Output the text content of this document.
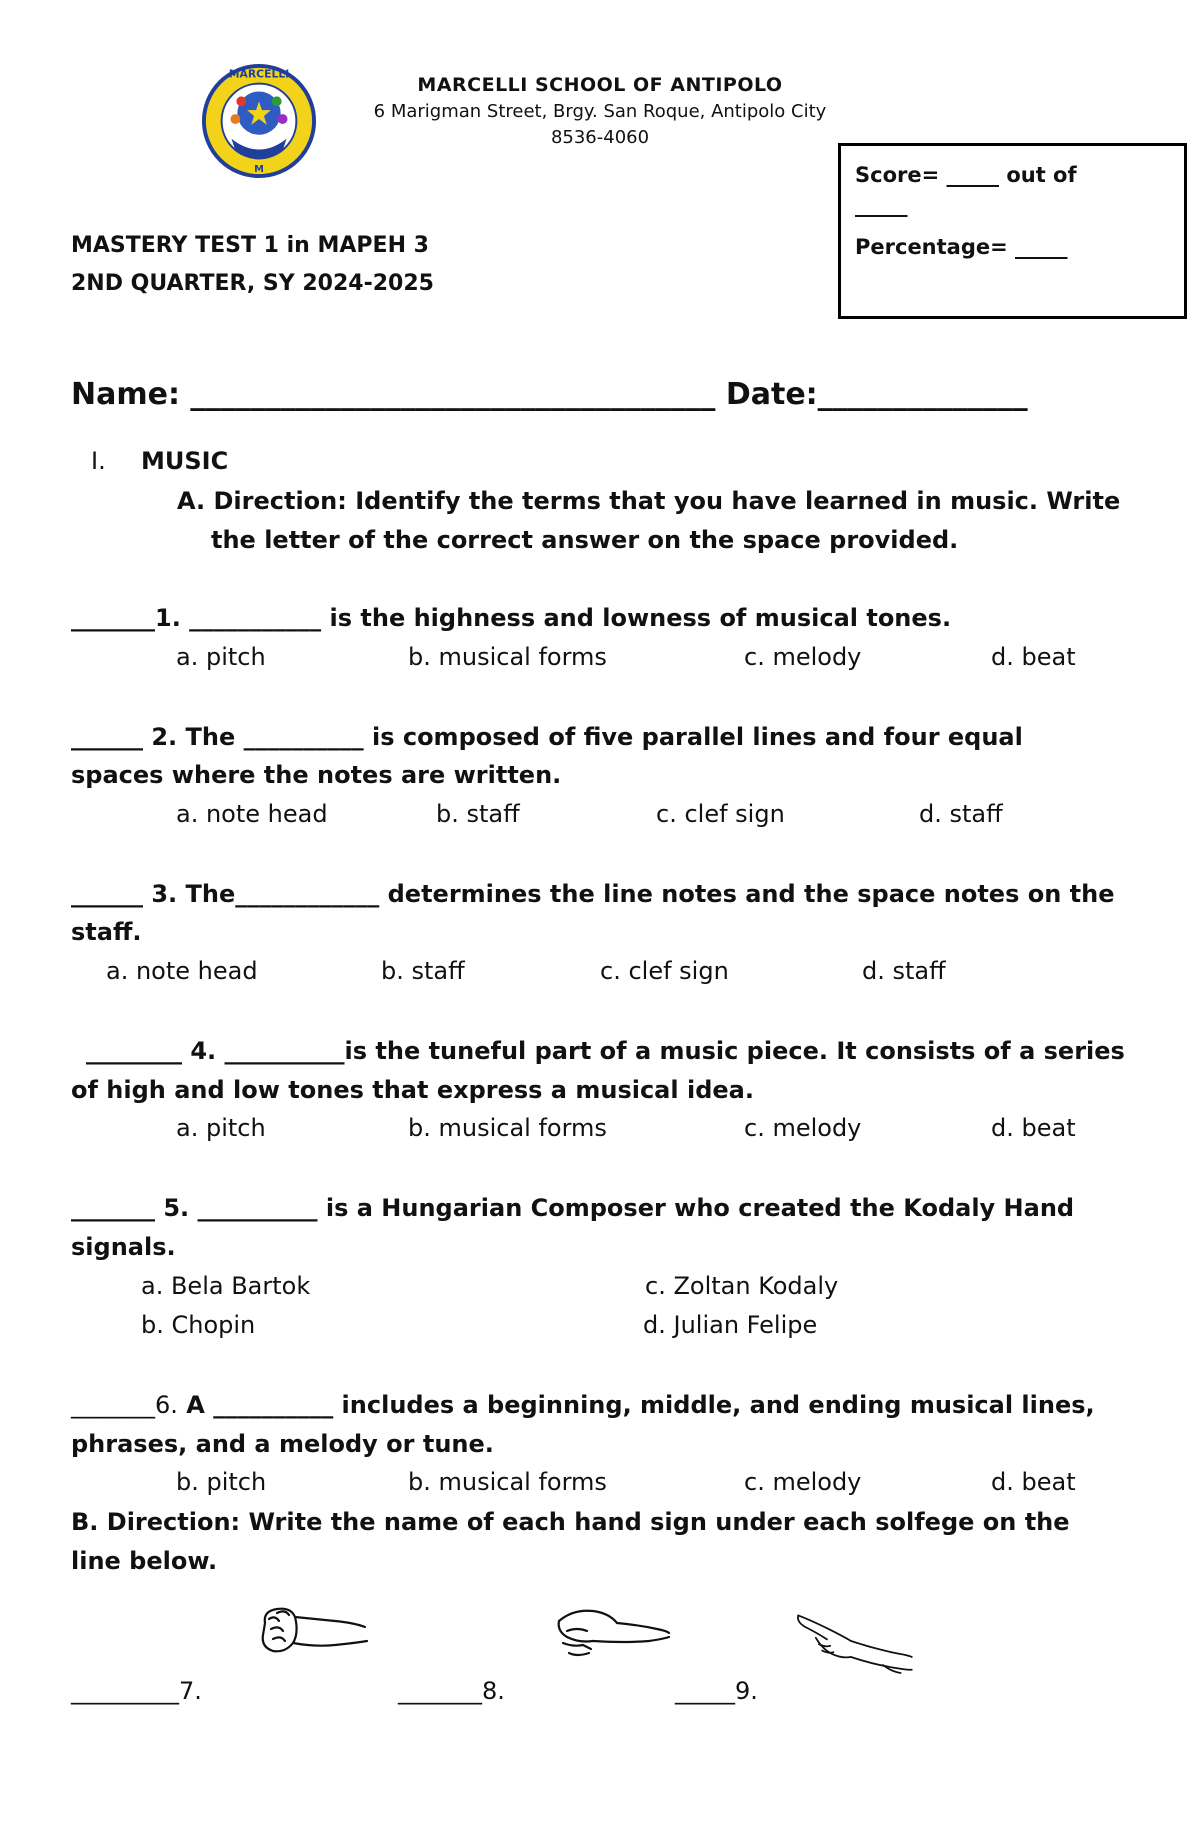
MARCELLI
M
MARCELLI SCHOOL OF ANTIPOLO
6 Marigman Street, Brgy. San Roque, Antipolo City
8536-4060
MASTERY TEST 1 in MAPEH 3
2ND QUARTER, SY 2024-2025
Score= _____ out of
_____
Percentage= _____
Name: ___________________________________ Date:______________
I. MUSIC
A. Direction: Identify the terms that you have learned in music. Write
the letter of the correct answer on the space provided.
_______1. ___________ is the highness and lowness of musical tones.
a. pitch	b. musical forms	c. melody	d. beat
______ 2. The __________ is composed of five parallel lines and four equal
spaces where the notes are written.
a. note head	b. staff	c. clef sign	d. staff
______ 3. The____________ determines the line notes and the space notes on the
staff.
a. note head	b. staff	c. clef sign	d. staff
________ 4. __________is the tuneful part of a music piece. It consists of a series
of high and low tones that express a musical idea.
a. pitch	b. musical forms	c. melody	d. beat
_______ 5. __________ is a Hungarian Composer who created the Kodaly Hand
signals.
a. Bela Bartok	c. Zoltan Kodaly
b. Chopin	d. Julian Felipe
_______6. A __________ includes a beginning, middle, and ending musical lines,
phrases, and a melody or tune.
b. pitch	b. musical forms	c. melody	d. beat
B. Direction: Write the name of each hand sign under each solfege on the
line below.
_________7.	_______8.	_____9.
